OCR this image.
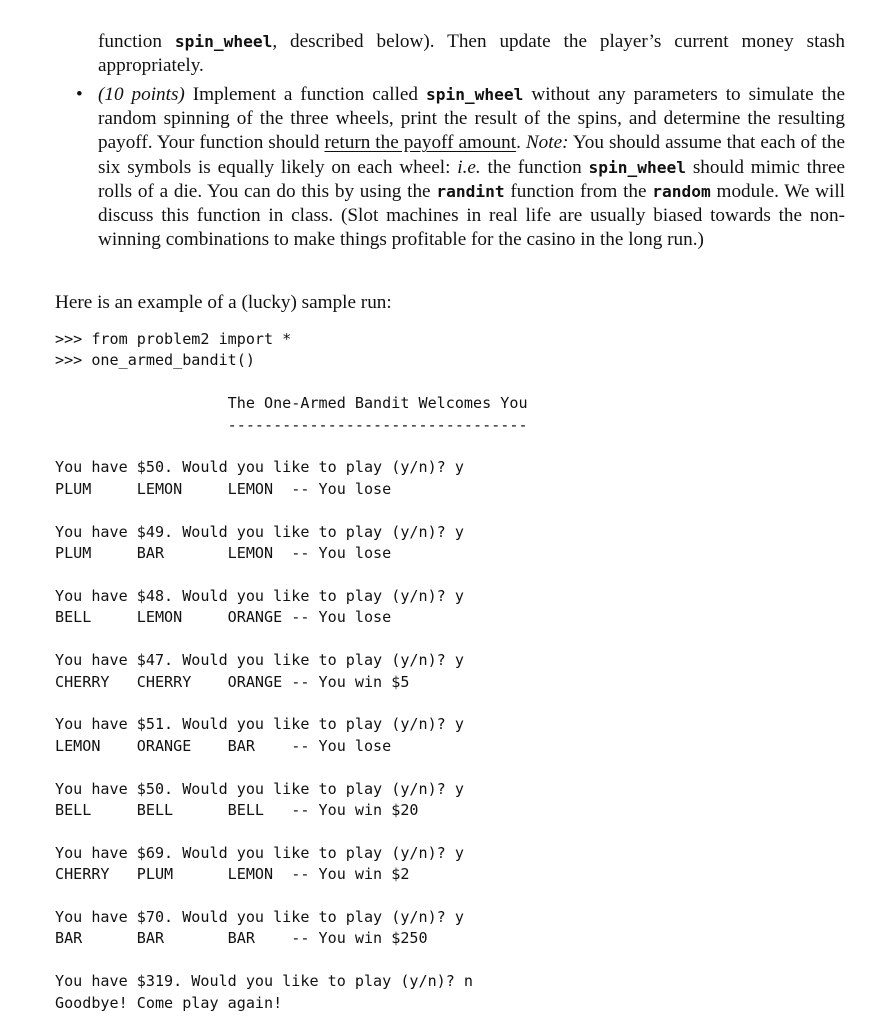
function spin_wheel, described below). Then update the player’s current money stash appropriately.
• (10 points) Implement a function called spin_wheel without any parameters to simulate the random spinning of the three wheels, print the result of the spins, and determine the resulting payoff. Your function should return the payoff amount. Note: You should assume that each of the six symbols is equally likely on each wheel: i.e. the function spin_wheel should mimic three rolls of a die. You can do this by using the randint function from the random module. We will discuss this function in class. (Slot machines in real life are usually biased towards the non-winning combinations to make things profitable for the casino in the long run.)
Here is an example of a (lucky) sample run:
>>> from problem2 import *
>>> one_armed_bandit()

The One-Armed Bandit Welcomes You
---------------------------------

You have $50. Would you like to play (y/n)? y
PLUM     LEMON     LEMON  -- You lose

You have $49. Would you like to play (y/n)? y
PLUM     BAR       LEMON  -- You lose

You have $48. Would you like to play (y/n)? y
BELL     LEMON     ORANGE -- You lose

You have $47. Would you like to play (y/n)? y
CHERRY   CHERRY    ORANGE -- You win $5

You have $51. Would you like to play (y/n)? y
LEMON    ORANGE    BAR    -- You lose

You have $50. Would you like to play (y/n)? y
BELL     BELL      BELL   -- You win $20

You have $69. Would you like to play (y/n)? y
CHERRY   PLUM      LEMON  -- You win $2

You have $70. Would you like to play (y/n)? y
BAR      BAR       BAR    -- You win $250

You have $319. Would you like to play (y/n)? n
Goodbye! Come play again!
